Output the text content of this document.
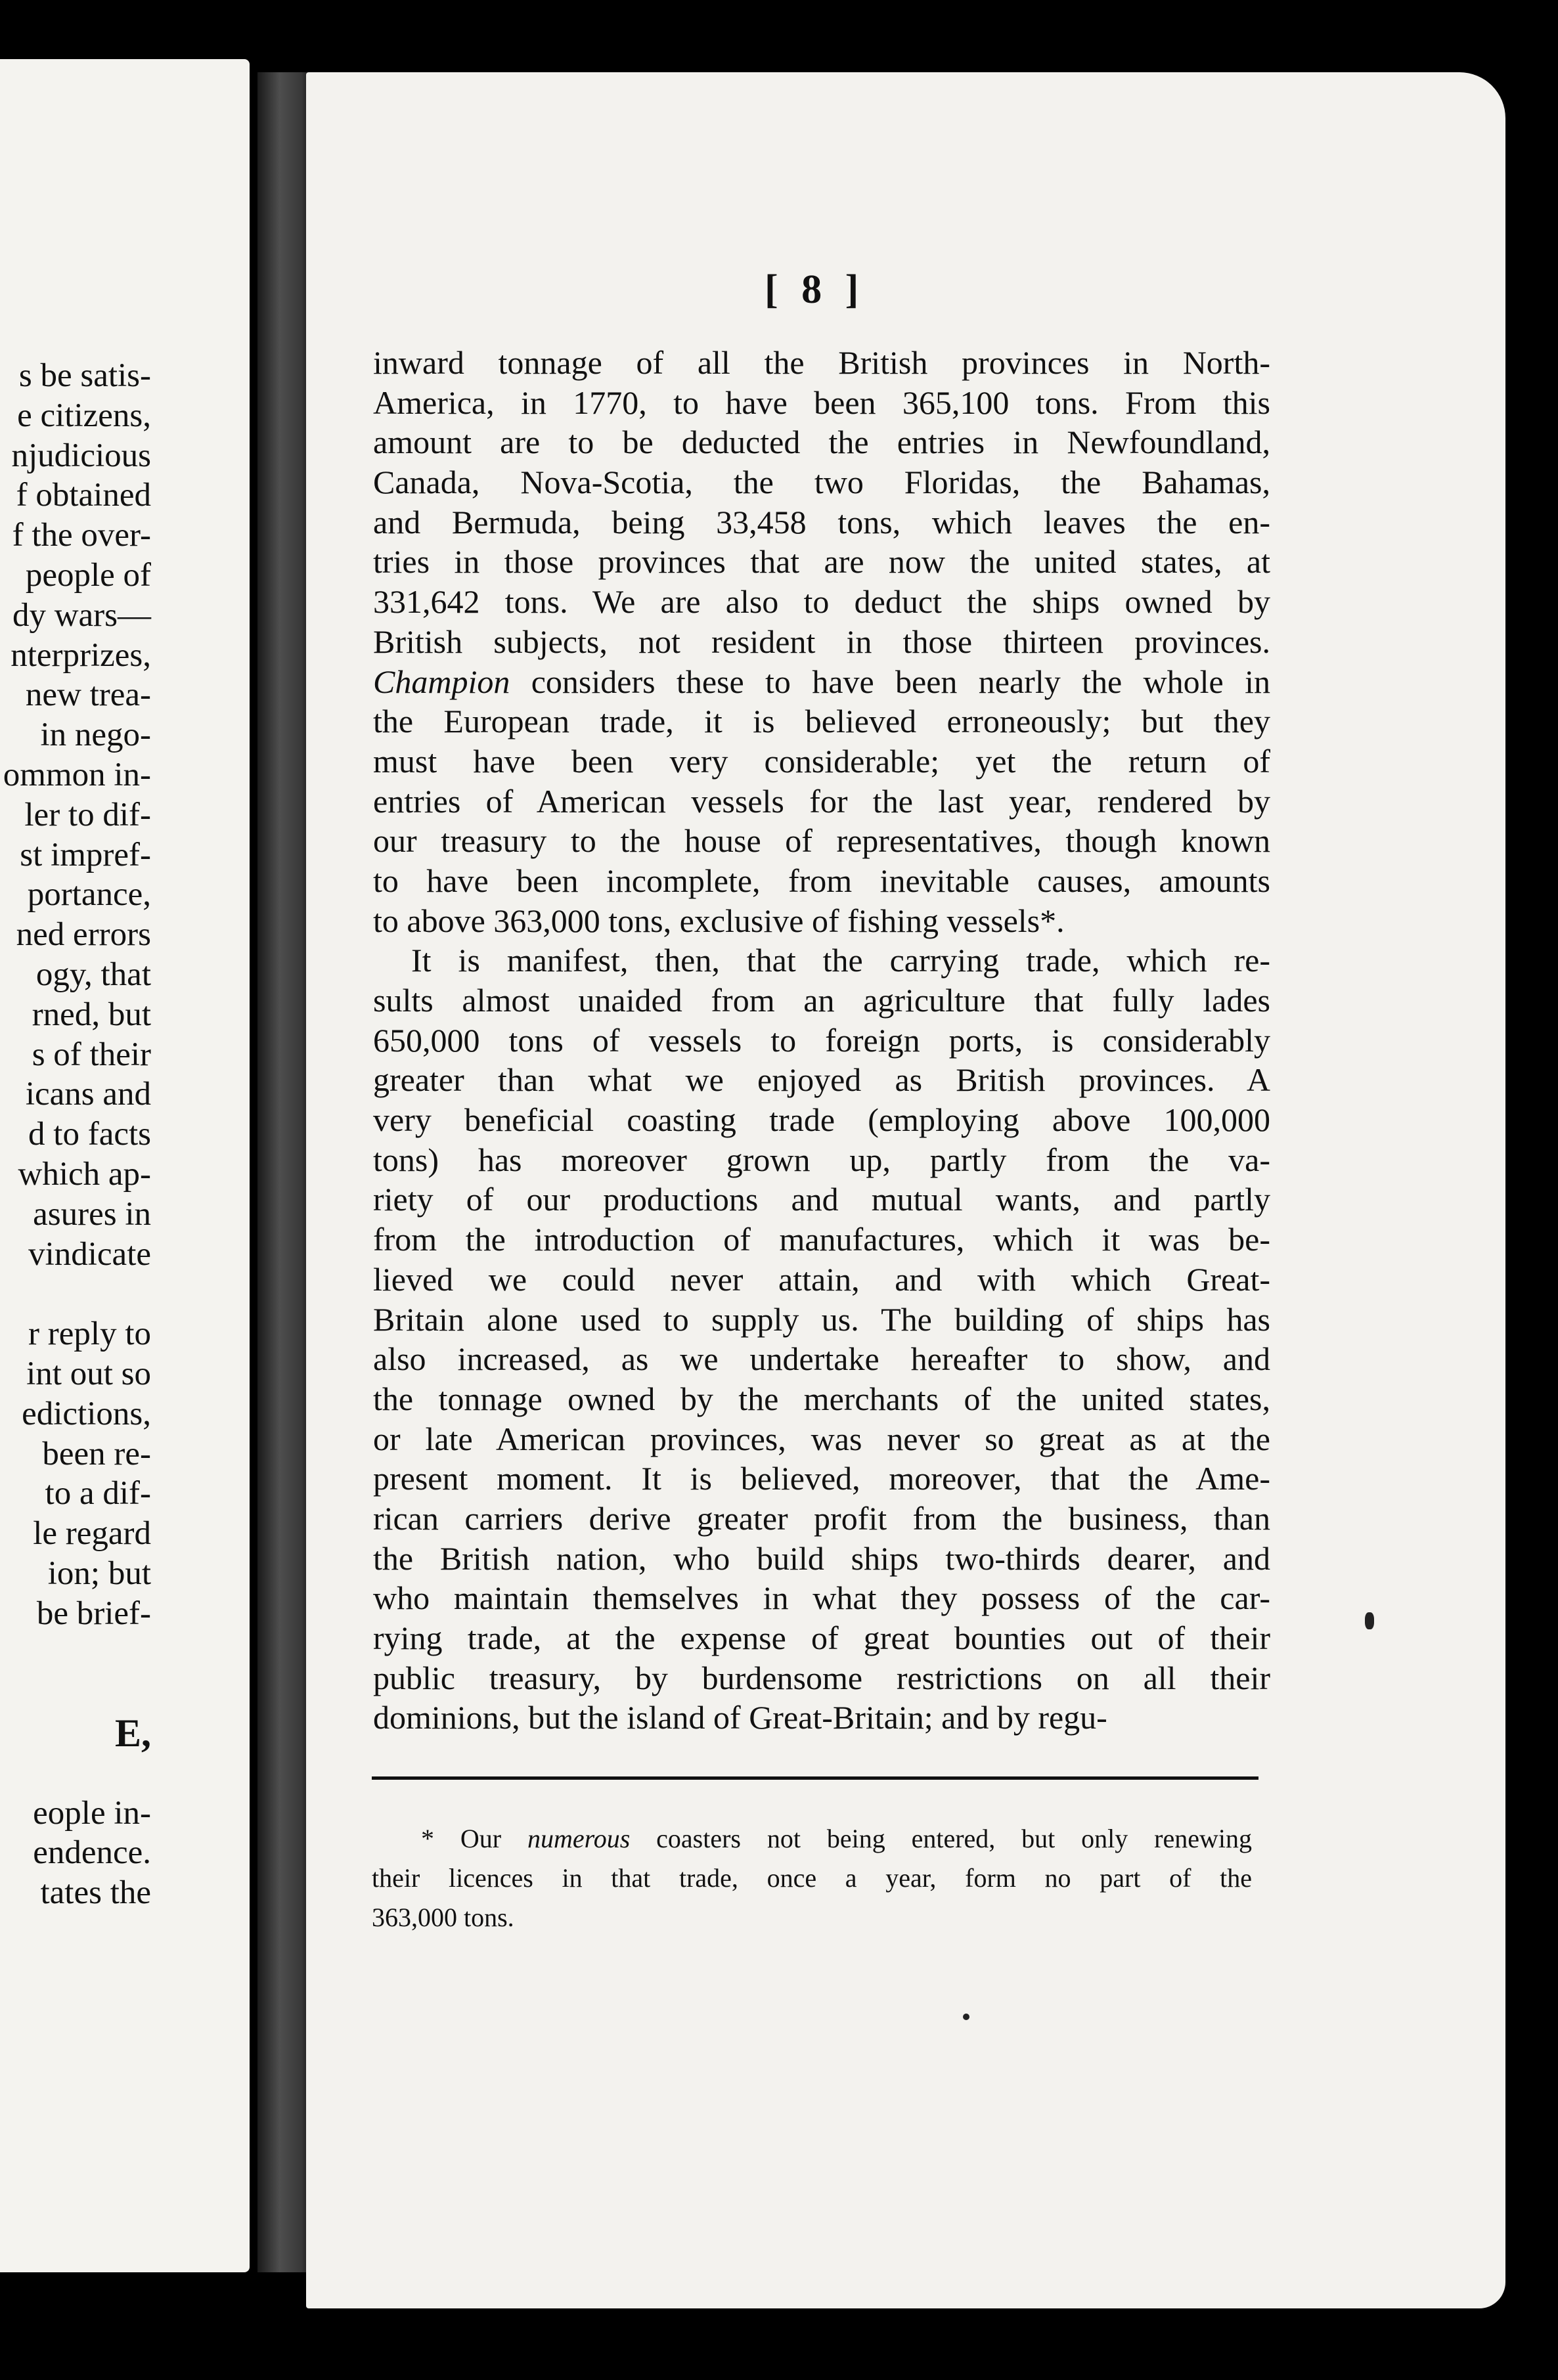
s be satis-
e citizens,
njudicious
f obtained
f the over-
people of
dy wars—
nterprizes,
new trea-
in nego-
ommon in-
ler to dif-
st impref-
portance,
ned errors
ogy, that
rned, but
s of their
icans and
d to facts
which ap-
asures in
vindicate

r reply to
int out so
edictions,
been re-
to a dif-
le regard
ion; but
be brief-

E,

eople in-
endence.
tates the
[ 8 ]
inward tonnage of all the British provinces in North-
America, in 1770, to have been 365,100 tons. From this
amount are to be deducted the entries in Newfoundland,
Canada, Nova-Scotia, the two Floridas, the Bahamas,
and Bermuda, being 33,458 tons, which leaves the en-
tries in those provinces that are now the united states, at
331,642 tons. We are also to deduct the ships owned by
British subjects, not resident in those thirteen provinces.
Champion considers these to have been nearly the whole in
the European trade, it is believed erroneously; but they
must have been very considerable; yet the return of
entries of American vessels for the last year, rendered by
our treasury to the house of representatives, though known
to have been incomplete, from inevitable causes, amounts
to above 363,000 tons, exclusive of fishing vessels*.
It is manifest, then, that the carrying trade, which re-
sults almost unaided from an agriculture that fully lades
650,000 tons of vessels to foreign ports, is considerably
greater than what we enjoyed as British provinces. A
very beneficial coasting trade (employing above 100,000
tons) has moreover grown up, partly from the va-
riety of our productions and mutual wants, and partly
from the introduction of manufactures, which it was be-
lieved we could never attain, and with which Great-
Britain alone used to supply us. The building of ships has
also increased, as we undertake hereafter to show, and
the tonnage owned by the merchants of the united states,
or late American provinces, was never so great as at the
present moment. It is believed, moreover, that the Ame-
rican carriers derive greater profit from the business, than
the British nation, who build ships two-thirds dearer, and
who maintain themselves in what they possess of the car-
rying trade, at the expense of great bounties out of their
public treasury, by burdensome restrictions on all their
dominions, but the island of Great-Britain; and by regu-
* Our numerous coasters not being entered, but only renewing
their licences in that trade, once a year, form no part of the
363,000 tons.
